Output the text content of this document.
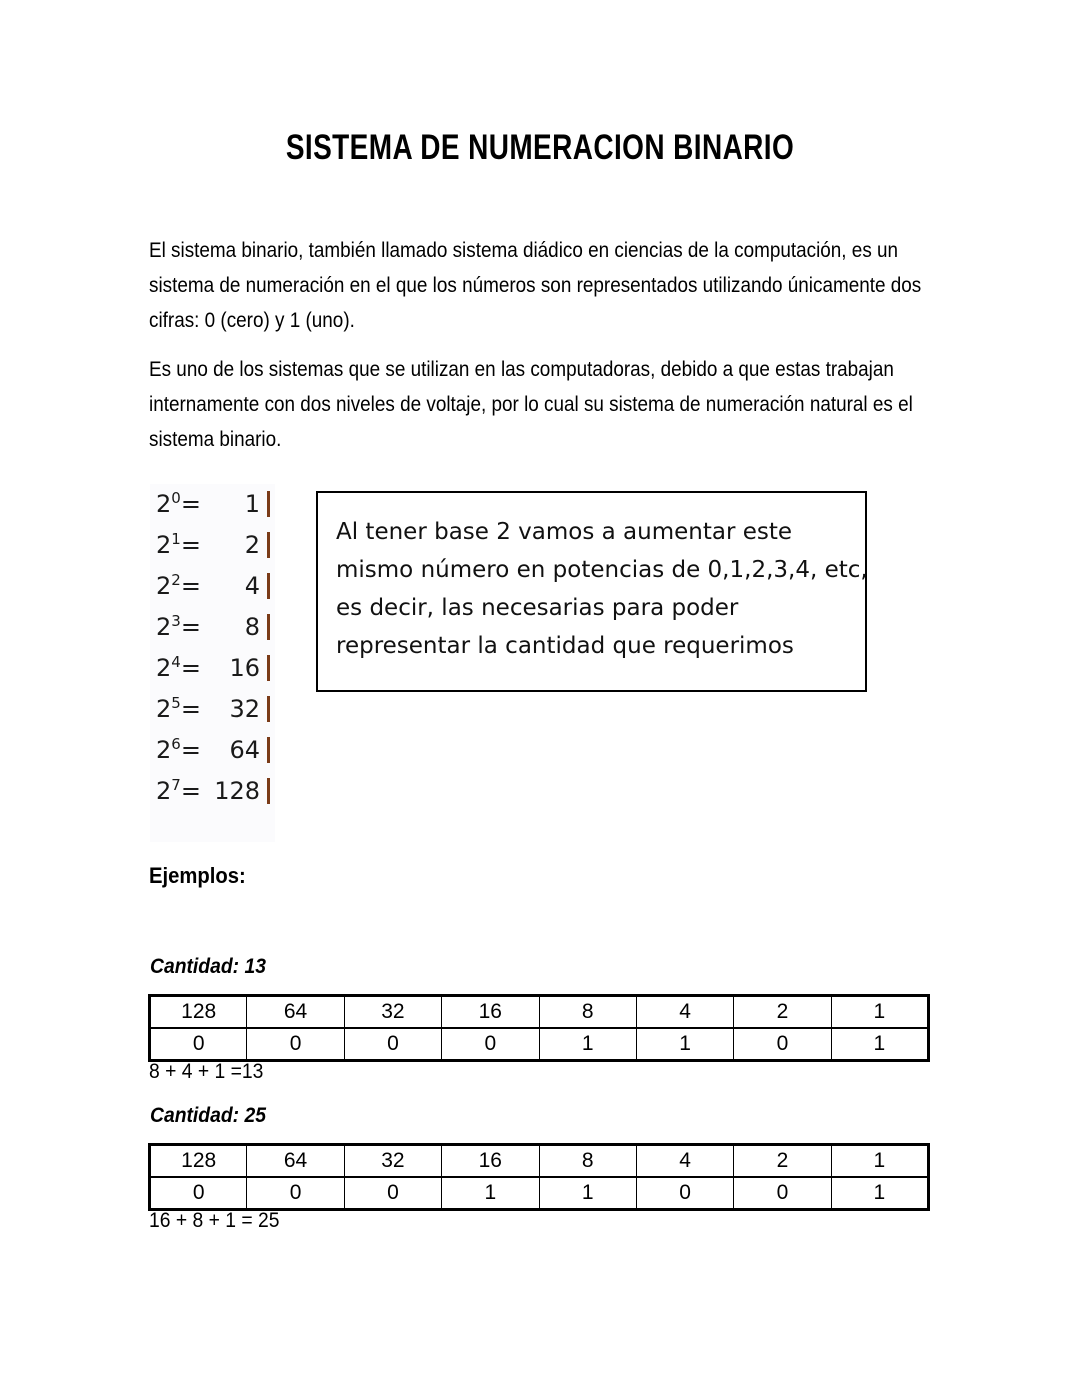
SISTEMA DE NUMERACION BINARIO

El sistema binario, también llamado sistema diádico en ciencias de la computación, es un sistema de numeración en el que los números son representados utilizando únicamente dos cifras: 0 (cero) y 1 (uno).

Es uno de los sistemas que se utilizan en las computadoras, debido a que estas trabajan internamente con dos niveles de voltaje, por lo cual su sistema de numeración natural es el sistema binario.

$2^0= 1$
$2^1= 2$
$2^2= 4$
$2^3= 8$
$2^4= 16$
$2^5= 32$
$2^6= 64$
$2^7= 128$
Al tener base 2 vamos a aumentar este
mismo número en potencias de 0,1,2,3,4, etc,
es decir, las necesarias para poder
representar la cantidad que requerimos
Ejemplos:
Cantidad: 13
128	64	32	16	8	4	2	1
0	0	0	0	1	1	0	1
8 + 4 + 1 =13
Cantidad: 25
128	64	32	16	8	4	2	1
0	0	0	1	1	0	0	1
16 + 8 + 1 = 25
